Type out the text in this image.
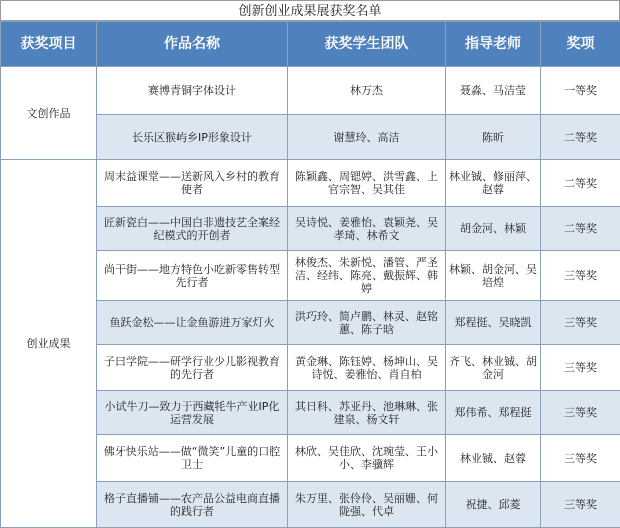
创新创业成果展获奖名单
获奖项目	作品名称	获奖学生团队	指导老师	奖项
文创作品	赛博青铜字体设计	林万杰	聂淼、马洁莹	一等奖
	长乐区猴屿乡IP形象设计	谢慧玲、高洁	陈昕	二等奖
创业成果	周末益课堂——送新风入乡村的教育使者	陈颖鑫、周锶婷、洪雪鑫、上官宗智、吴其佳	林业铖、修丽萍、赵蓉	二等奖
	匠新瓷白——中国白非遗技艺全案经纪模式的开创者	吴诗悦、姜雅怡、袁颖尧、吴孝琦、林希文	胡金河、林颖	二等奖
	尚干街——地方特色小吃新零售转型先行者	林俊杰、朱新悦、潘管、严圣洁、经纬、陈亮、戴振辉、韩婷	林颖、胡金河、吴培煌	三等奖
	鱼跃金松——让金鱼游进万家灯火	洪巧玲、简卢鹏、林灵、赵铭蕙、陈子晗	郑程挺、吴晓凯	三等奖
	子曰学院——研学行业少儿影视教育的先行者	黄金琳、陈钰婷、杨坤山、吴诗悦、姜雅怡、肖自柏	齐飞、林业铖、胡金河	三等奖
	小试牛刀—致力于西藏牦牛产业IP化运营发展	其日科、苏亚丹、池琳琳、张建泉、杨文轩	郑伟希、郑程挺	三等奖
	佛牙快乐站——做“微笑”儿童的口腔卫士	林欣、吴佳欣、沈琬莹、王小小、李骥辉	林业铖、赵蓉	三等奖
	格子直播铺——农产品公益电商直播的践行者	朱万里、张伶伶、吴丽姗、何陇强、代卓	祝捷、邱菱	三等奖
